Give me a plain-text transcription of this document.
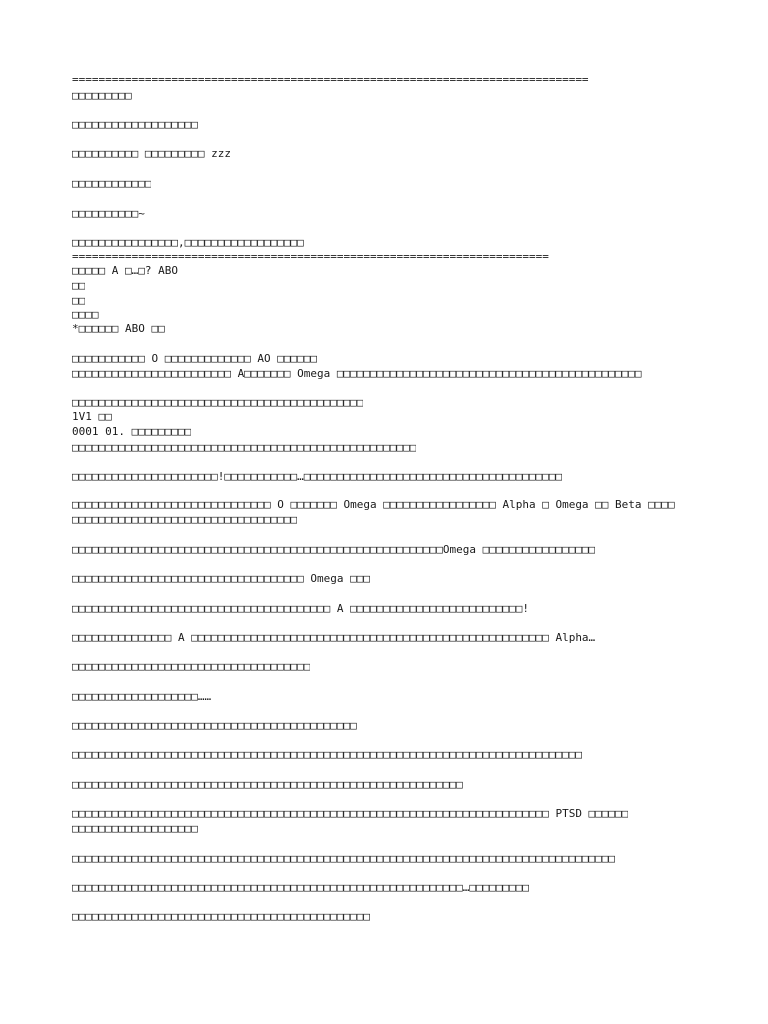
==============================================================================

□□□□□□□□□

□□□□□□□□□□□□□□□□□□□

□□□□□□□□□□ □□□□□□□□□ zzz

□□□□□□□□□□□□

□□□□□□□□□□~

□□□□□□□□□□□□□□□□,□□□□□□□□□□□□□□□□□□

========================================================================

□□□□□ A □…□? ABO

□□

□□

□□□□

*□□□□□□ ABO □□

□□□□□□□□□□□ O □□□□□□□□□□□□□ AO □□□□□□

□□□□□□□□□□□□□□□□□□□□□□□□ A□□□□□□□ Omega □□□□□□□□□□□□□□□□□□□□□□□□□□□□□□□□□□□□□□□□□□□□□□

□□□□□□□□□□□□□□□□□□□□□□□□□□□□□□□□□□□□□□□□□□□□

1V1 □□

0001 01. □□□□□□□□□

□□□□□□□□□□□□□□□□□□□□□□□□□□□□□□□□□□□□□□□□□□□□□□□□□□□□

□□□□□□□□□□□□□□□□□□□□□□!□□□□□□□□□□□…□□□□□□□□□□□□□□□□□□□□□□□□□□□□□□□□□□□□□□□

□□□□□□□□□□□□□□□□□□□□□□□□□□□□□□ O □□□□□□□ Omega □□□□□□□□□□□□□□□□□ Alpha □ Omega □□ Beta □□□□

□□□□□□□□□□□□□□□□□□□□□□□□□□□□□□□□□□

□□□□□□□□□□□□□□□□□□□□□□□□□□□□□□□□□□□□□□□□□□□□□□□□□□□□□□□□Omega □□□□□□□□□□□□□□□□□

□□□□□□□□□□□□□□□□□□□□□□□□□□□□□□□□□□□ Omega □□□

□□□□□□□□□□□□□□□□□□□□□□□□□□□□□□□□□□□□□□□ A □□□□□□□□□□□□□□□□□□□□□□□□□□!

□□□□□□□□□□□□□□□ A □□□□□□□□□□□□□□□□□□□□□□□□□□□□□□□□□□□□□□□□□□□□□□□□□□□□□□ Alpha…

□□□□□□□□□□□□□□□□□□□□□□□□□□□□□□□□□□□□

□□□□□□□□□□□□□□□□□□□……

□□□□□□□□□□□□□□□□□□□□□□□□□□□□□□□□□□□□□□□□□□□

□□□□□□□□□□□□□□□□□□□□□□□□□□□□□□□□□□□□□□□□□□□□□□□□□□□□□□□□□□□□□□□□□□□□□□□□□□□□□

□□□□□□□□□□□□□□□□□□□□□□□□□□□□□□□□□□□□□□□□□□□□□□□□□□□□□□□□□□□

□□□□□□□□□□□□□□□□□□□□□□□□□□□□□□□□□□□□□□□□□□□□□□□□□□□□□□□□□□□□□□□□□□□□□□□□ PTSD □□□□□□

□□□□□□□□□□□□□□□□□□□

□□□□□□□□□□□□□□□□□□□□□□□□□□□□□□□□□□□□□□□□□□□□□□□□□□□□□□□□□□□□□□□□□□□□□□□□□□□□□□□□□□

□□□□□□□□□□□□□□□□□□□□□□□□□□□□□□□□□□□□□□□□□□□□□□□□□□□□□□□□□□□…□□□□□□□□□

□□□□□□□□□□□□□□□□□□□□□□□□□□□□□□□□□□□□□□□□□□□□□
